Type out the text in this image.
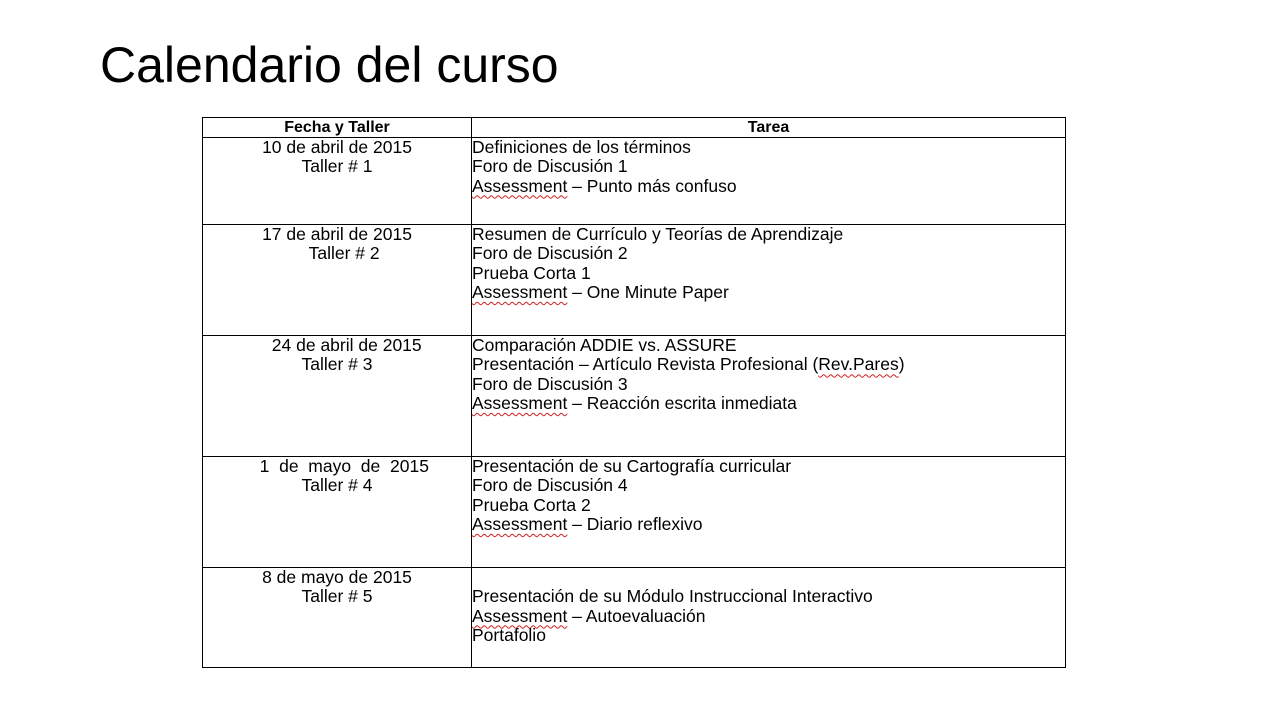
Calendario del curso
Fecha y Taller	Tarea

10 de abril de 2015
Taller # 1	Definiciones de los términos
Foro de Discusión 1
Assessment – Punto más confuso

17 de abril de 2015
Taller # 2	Resumen de Currículo y Teorías de Aprendizaje
Foro de Discusión 2
Prueba Corta 1
Assessment – One Minute Paper

24 de abril de 2015
Taller # 3	Comparación ADDIE vs. ASSURE
Presentación – Artículo Revista Profesional (Rev.Pares)
Foro de Discusión 3
Assessment – Reacción escrita inmediata

1  de  mayo  de  2015
Taller # 4	Presentación de su Cartografía curricular
Foro de Discusión 4
Prueba Corta 2
Assessment – Diario reflexivo

8 de mayo de 2015
Taller # 5	Presentación de su Módulo Instruccional Interactivo
Assessment – Autoevaluación
Portafolio
